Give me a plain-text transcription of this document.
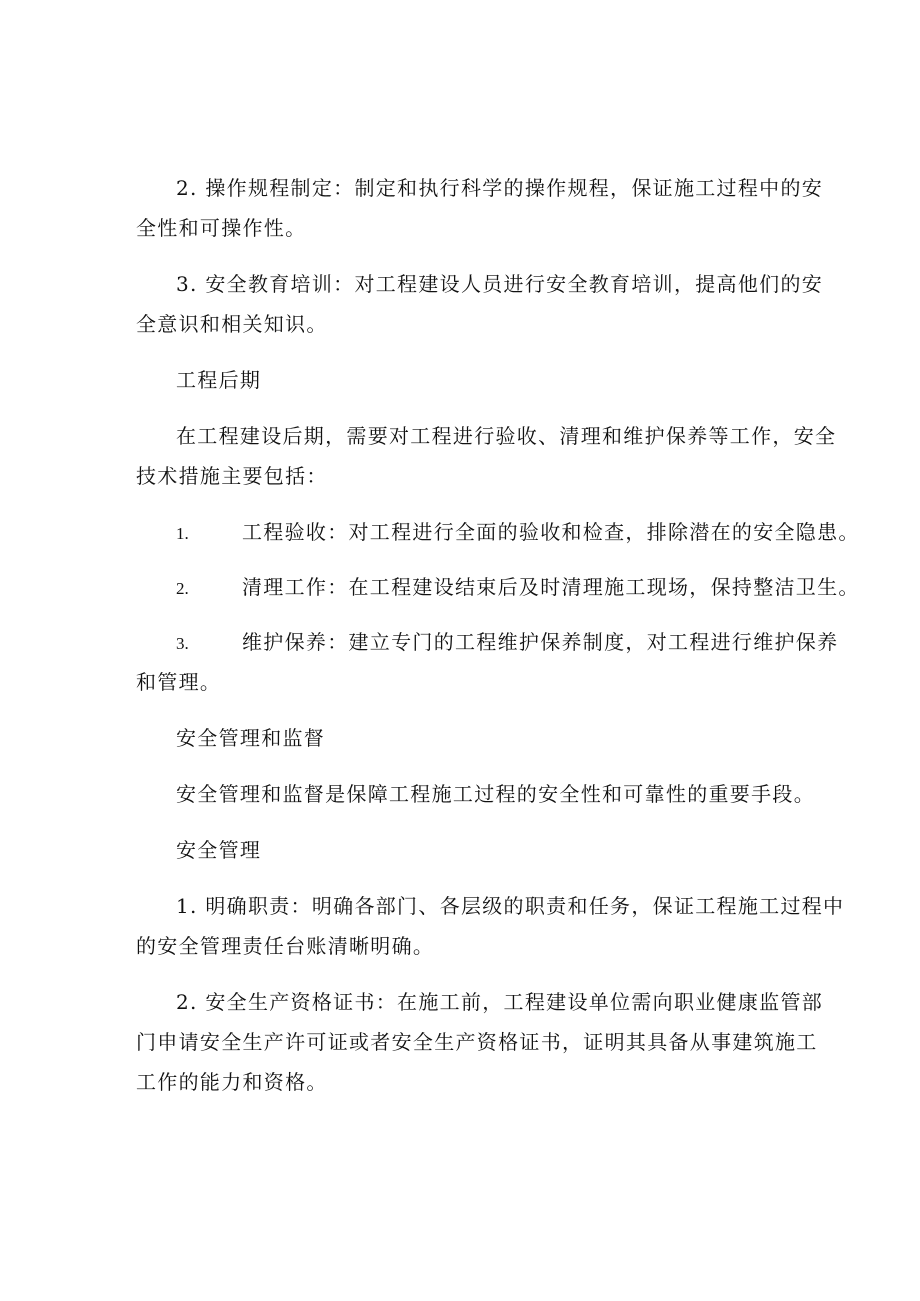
2. 操作规程制定：制定和执行科学的操作规程，保证施工过程中的安
全性和可操作性。
3. 安全教育培训：对工程建设人员进行安全教育培训，提高他们的安
全意识和相关知识。
工程后期
在工程建设后期，需要对工程进行验收、清理和维护保养等工作，安全
技术措施主要包括：
1.	工程验收：对工程进行全面的验收和检查，排除潜在的安全隐患。
2.	清理工作：在工程建设结束后及时清理施工现场，保持整洁卫生。
3.	维护保养：建立专门的工程维护保养制度，对工程进行维护保养
和管理。
安全管理和监督
安全管理和监督是保障工程施工过程的安全性和可靠性的重要手段。
安全管理
1. 明确职责：明确各部门、各层级的职责和任务，保证工程施工过程中
的安全管理责任台账清晰明确。
2. 安全生产资格证书：在施工前，工程建设单位需向职业健康监管部
门申请安全生产许可证或者安全生产资格证书，证明其具备从事建筑施工
工作的能力和资格。
